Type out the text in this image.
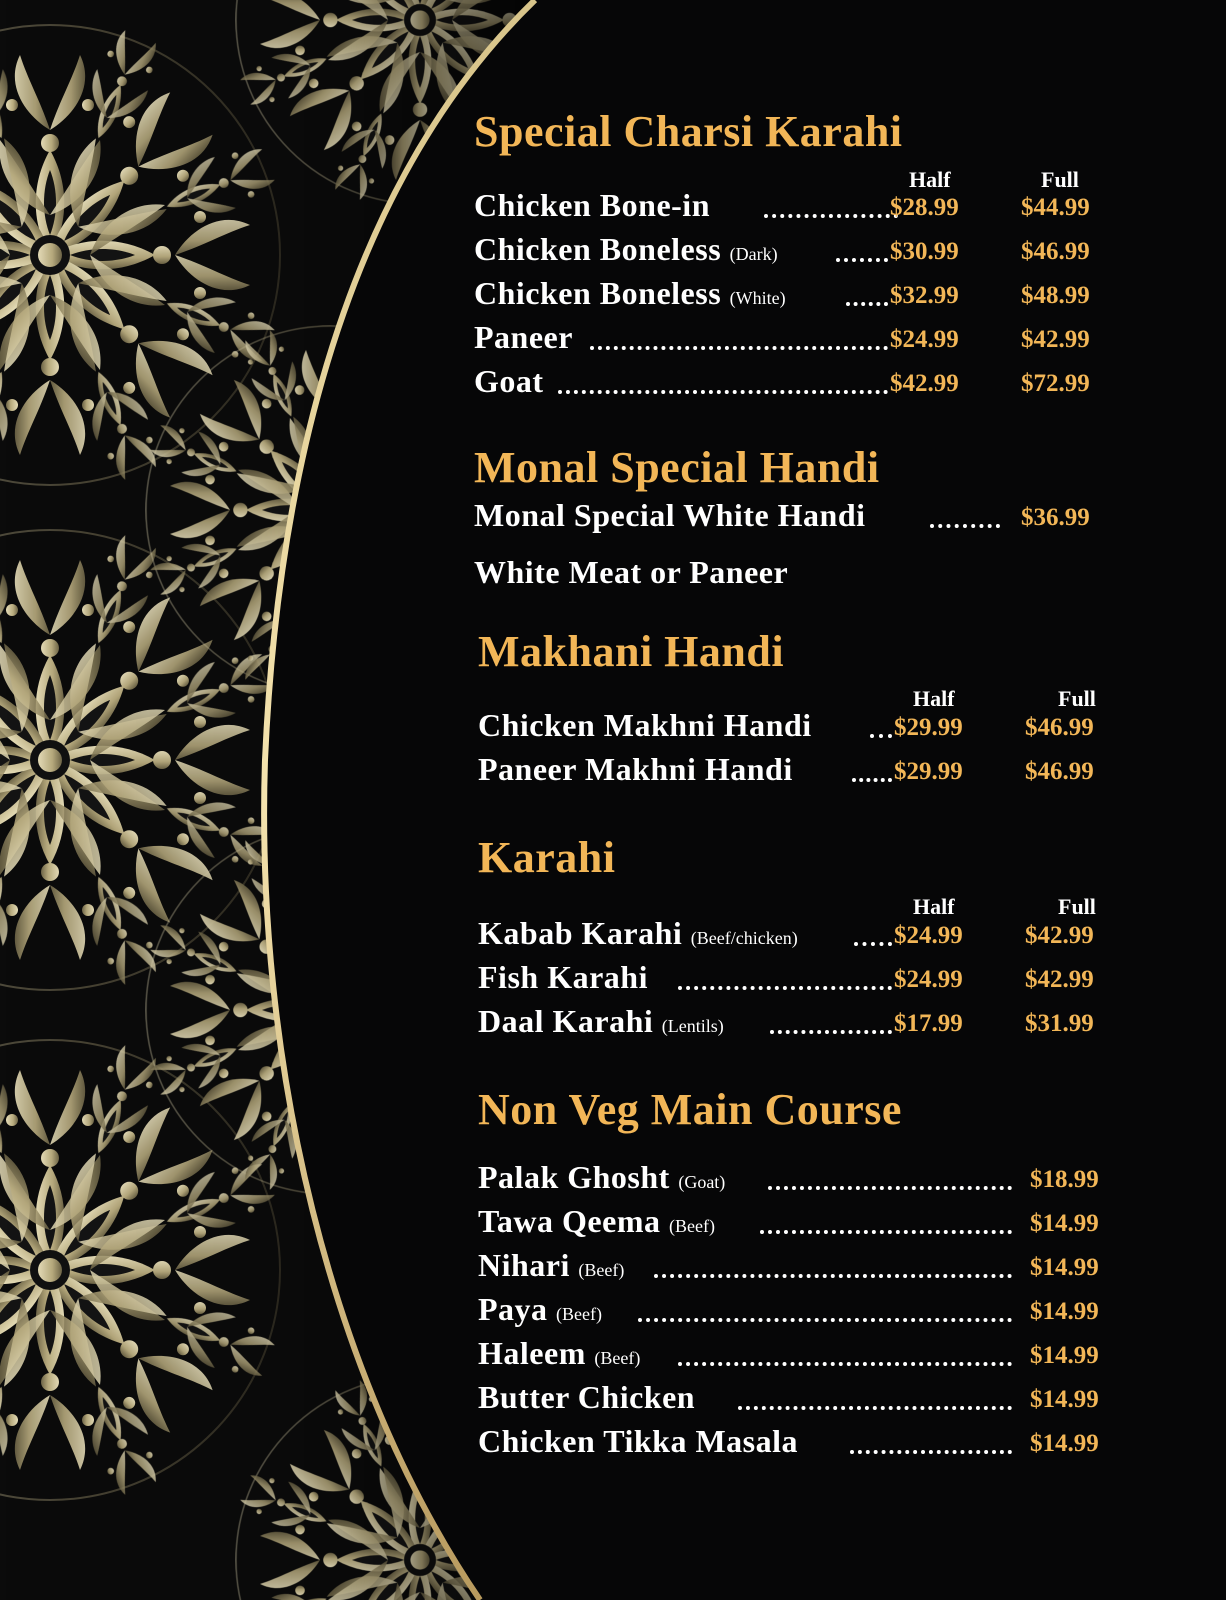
Special Charsi Karahi
Half	Full
Chicken Bone-in	$28.99 $44.99
Chicken Boneless (Dark)	$30.99 $46.99
Chicken Boneless (White)	$32.99 $48.99
Paneer	$24.99 $42.99
Goat	$42.99 $72.99
Monal Special Handi
Monal Special White Handi	$36.99
White Meat or Paneer
Makhani Handi
Half	Full
Chicken Makhni Handi	$29.99 $46.99
Paneer Makhni Handi	$29.99 $46.99
Karahi
Half	Full
Kabab Karahi (Beef/chicken)	$24.99 $42.99
Fish Karahi	$24.99 $42.99
Daal Karahi (Lentils)	$17.99 $31.99
Non Veg Main Course
Palak Ghosht (Goat)	$18.99
Tawa Qeema (Beef)	$14.99
Nihari (Beef)	$14.99
Paya (Beef)	$14.99
Haleem (Beef)	$14.99
Butter Chicken	$14.99
Chicken Tikka Masala	$14.99
